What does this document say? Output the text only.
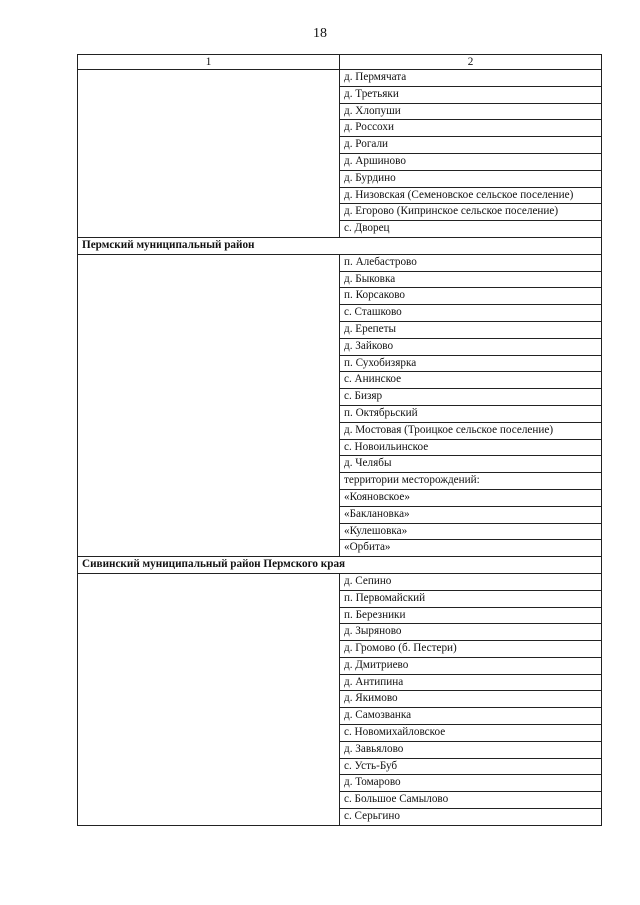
18
1	2
	д. Пермячата
	д. Третьяки
	д. Хлопуши
	д. Россохи
	д. Рогали
	д. Аршиново
	д. Бурдино
	д. Низовская (Семеновское сельское поселение)
	д. Егорово (Кипринское сельское поселение)
	с. Дворец
Пермский муниципальный район	
	п. Алебастрово
	д. Быковка
	п. Корсаково
	с. Сташково
	д. Ерепеты
	д. Зайково
	п. Сухобизярка
	с. Анинское
	с. Бизяр
	п. Октябрьский
	д. Мостовая (Троицкое сельское поселение)
	с. Новоильинское
	д. Челябы
	территории месторождений:
	«Кояновское»
	«Баклановка»
	«Кулешовка»
	«Орбита»
Сивинский муниципальный район Пермского края	
	д. Сепино
	п. Первомайский
	п. Березники
	д. Зыряново
	д. Громово (б. Пестери)
	д. Дмитриево
	д. Антипина
	д. Якимово
	д. Самозванка
	с. Новомихайловское
	д. Завьялово
	с. Усть-Буб
	д. Томарово
	с. Большое Самылово
	с. Серьгино
